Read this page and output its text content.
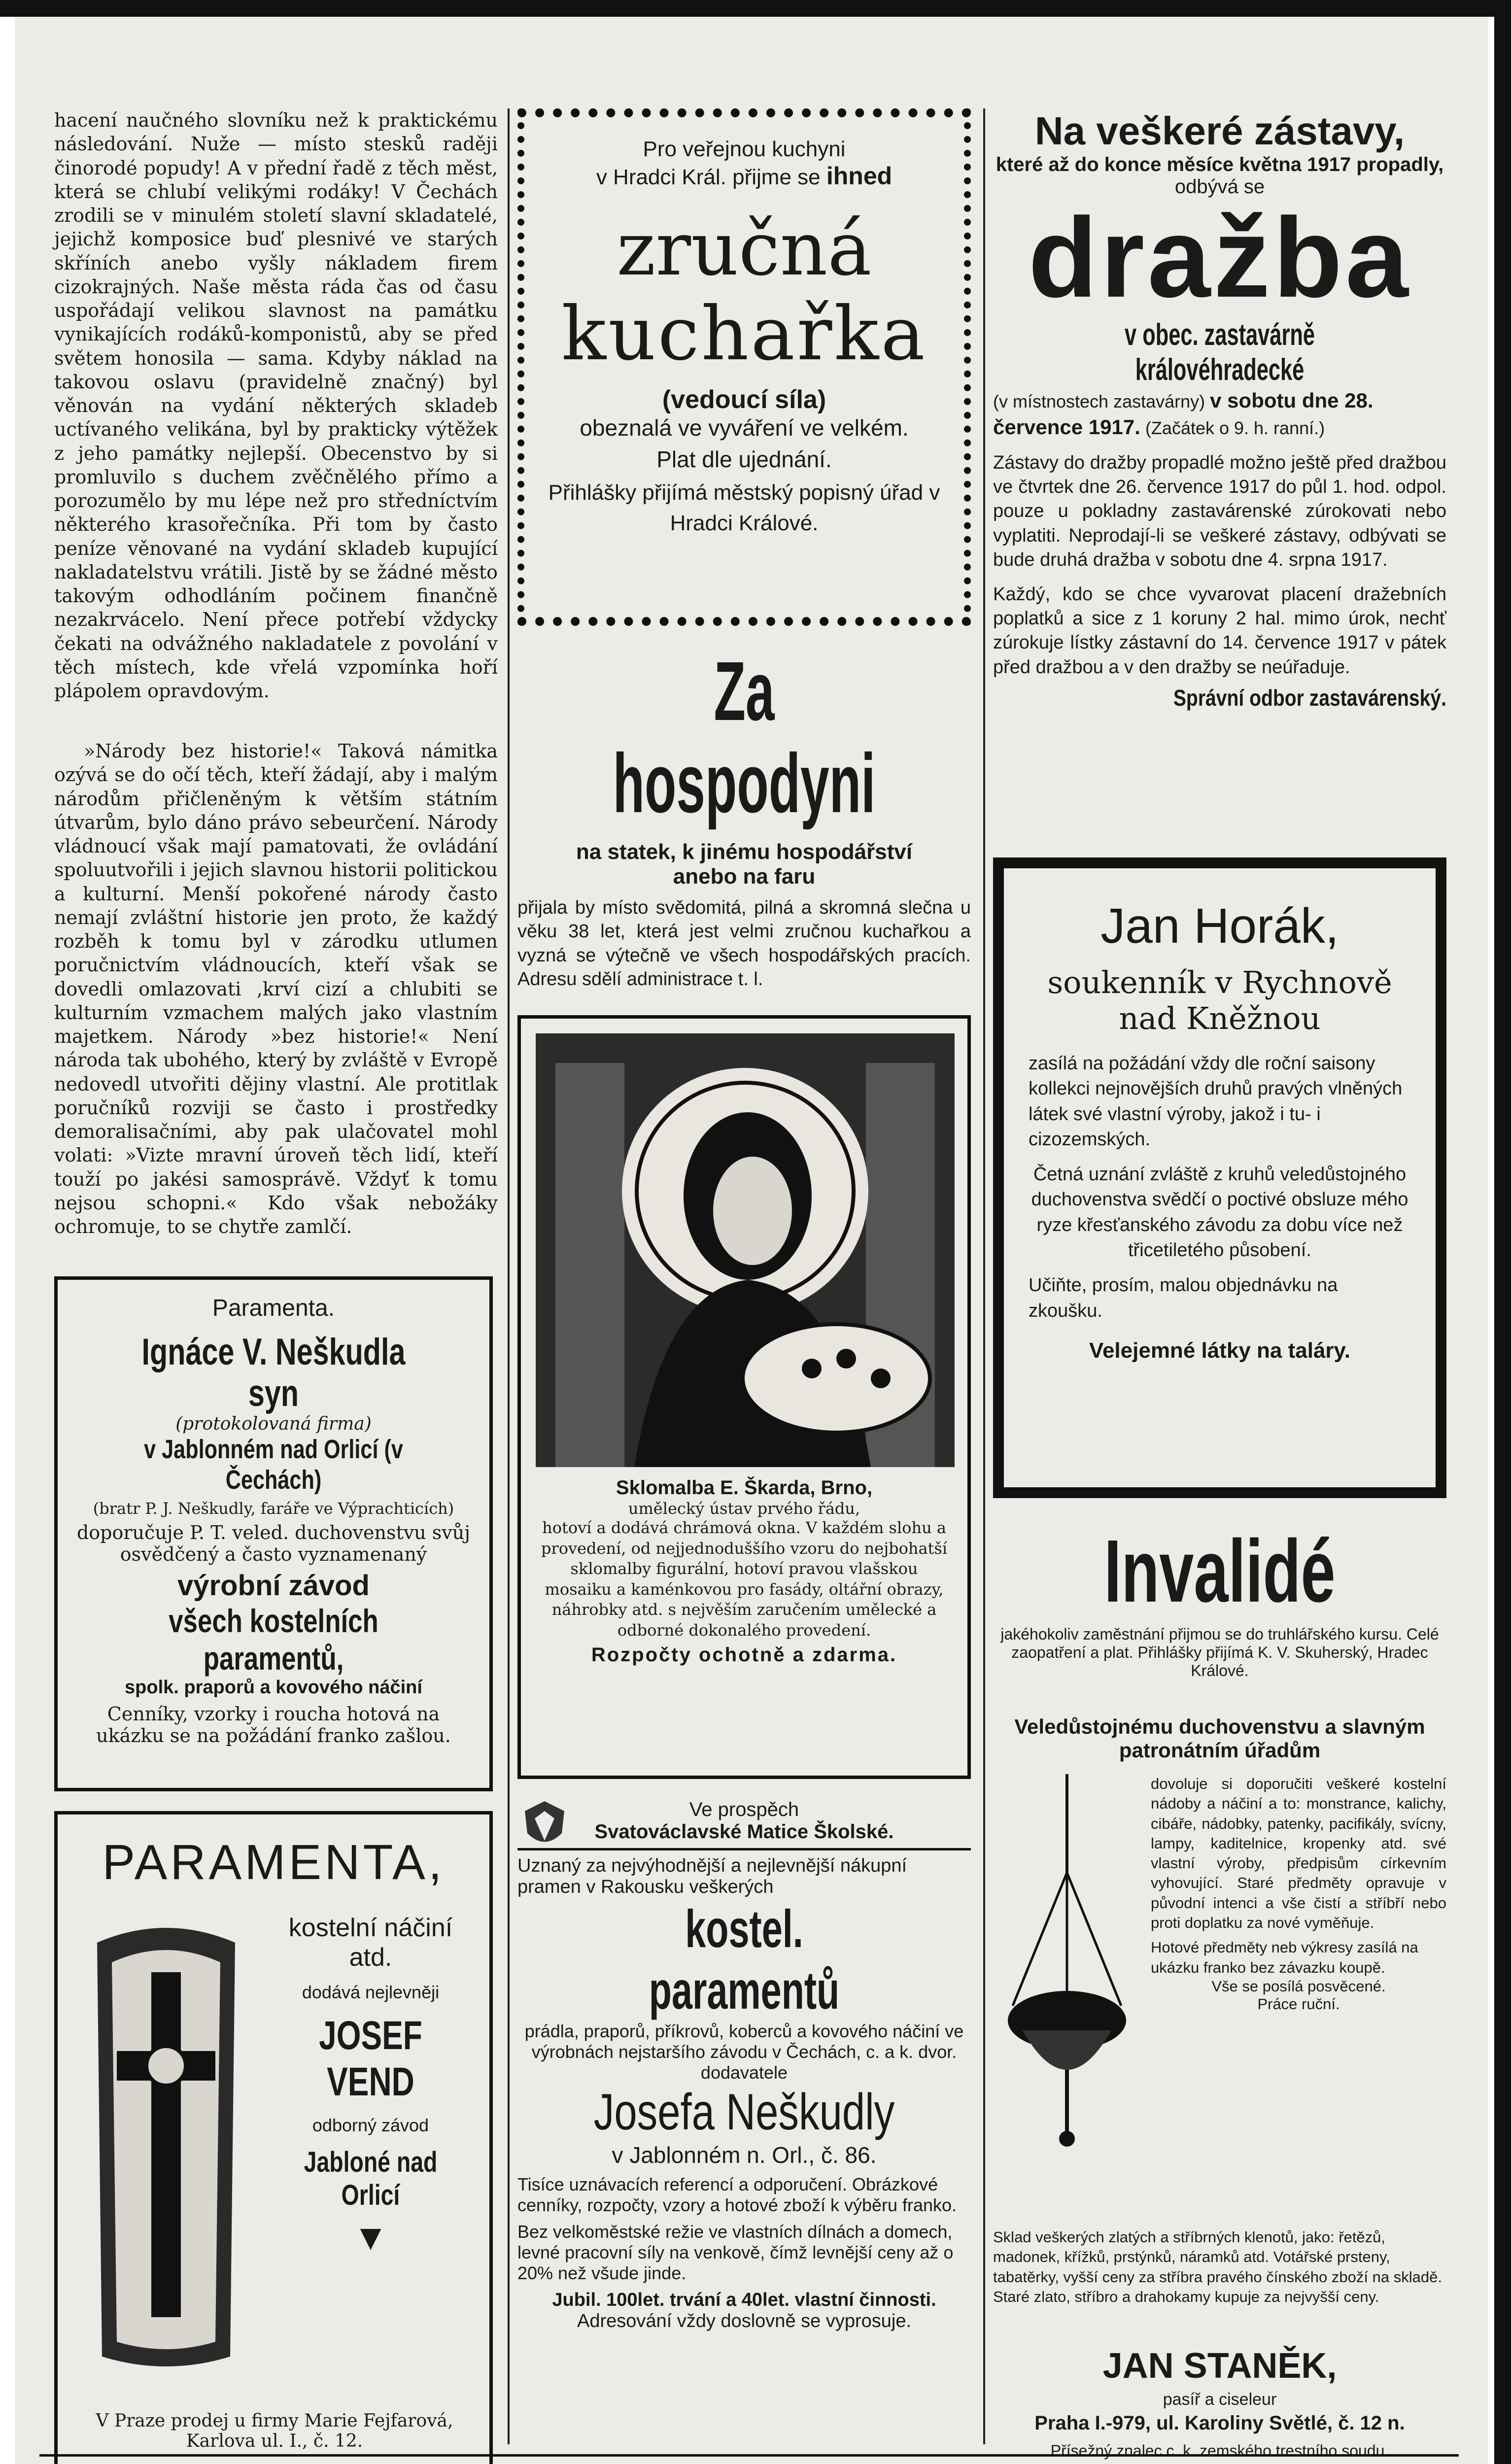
hacení naučného slovníku než k praktickému následování. Nuže — místo stesků raději činorodé popudy! A v přední řadě z těch měst, která se chlubí velikými rodáky! V Čechách zrodili se v minulém století slavní skladatelé, jejichž komposice buď plesnivé ve starých skříních anebo vyšly nákladem firem cizokrajných. Naše města ráda čas od času uspořádají velikou slavnost na památku vynikajících rodáků-komponistů, aby se před světem honosila — sama. Kdyby náklad na takovou oslavu (pravidelně značný) byl věnován na vydání některých skladeb uctívaného velikána, byl by prakticky výtěžek z jeho památky nejlepší. Obecenstvo by si promluvilo s duchem zvěčnělého přímo a porozumělo by mu lépe než pro středníctvím některého krasořečníka. Při tom by často peníze věnované na vydání skladeb kupující nakladatelstvu vrátili. Jistě by se žádné město takovým odhodláním počinem finančně nezakrvácelo. Není přece potřebí vždycky čekati na odvážného nakladatele z povolání v těch místech, kde vřelá vzpomínka hoří plápolem opravdovým.

»Národy bez historie!« Taková námitka ozývá se do očí těch, kteří žádají, aby i malým národům přičleněným k větším státním útvarům, bylo dáno právo sebeurčení. Národy vládnoucí však mají pamatovati, že ovládání spoluutvořili i jejich slavnou historii politickou a kulturní. Menší pokořené národy často nemají zvláštní historie jen proto, že každý rozběh k tomu byl v zárodku utlumen poručnictvím vládnoucích, kteří však se dovedli omlazovati ,krví cizí a chlubiti se kulturním vzmachem malých jako vlastním majetkem. Národy »bez historie!« Není národa tak ubohého, který by zvláště v Evropě nedovedl utvořiti dějiny vlastní. Ale protitlak poručníků rozviji se často i prostředky demoralisačními, aby pak ulačovatel mohl volati: »Vizte mravní úroveň těch lidí, kteří touží po jakési samosprávě. Vždyť k tomu nejsou schopni.« Kdo však nebožáky ochromuje, to se chytře zamlčí.

Paramenta.
Ignáce V. Neškudla syn
(protokolovaná firma)
v Jablonném nad Orlicí (v Čechách)
(bratr P. J. Neškudly, faráře ve Výprachticích)
doporučuje P. T. veled. duchovenstvu svůj osvědčený a často vyznamenaný
výrobní závod
všech kostelních paramentů,
spolk. praporů a kovového náčiní
Cenníky, vzorky i roucha hotová na ukázku se na požádání franko zašlou.
PARAMENTA,
kostelní náčiní
atd.
dodává nejlevněji
JOSEF VEND
odborný závod
Jabloné nad Orlicí
▼
V Praze prodej u firmy Marie Fejfarová, Karlova ul. I., č. 12.
Pro veřejnou kuchyni
v Hradci Král. přijme se ihned
zručná
kuchařka
(vedoucí síla)
obeznalá ve vyváření ve velkém.
Plat dle ujednání.
Přihlášky přijímá městský popisný úřad v Hradci Králové.
Za hospodyni
na statek, k jinému hospodářství
anebo na faru
přijala by místo svědomitá, pilná a skromná slečna u věku 38 let, která jest velmi zručnou kuchařkou a vyzná se výtečně ve všech hospodářských pracích. Adresu sdělí administrace t. l.
Sklomalba E. Škarda, Brno,
umělecký ústav prvého řádu,
hotoví a dodává chrámová okna. V každém slohu a provedení, od nejjednoduššího vzoru do nejbohatší sklomalby figurální, hotoví pravou vlašskou mosaiku a kaménkovou pro fasády, oltářní obrazy, náhrobky atd. s nejvěším zaručením umělecké a odborné dokonalého provedení.
Rozpočty ochotně a zdarma.
Ve prospěch
Svatováclavské Matice Školské.
Uznaný za nejvýhodnější a nejlevnější nákupní pramen v Rakousku veškerých
kostel. paramentů
prádla, praporů, příkrovů, koberců a kovového náčiní ve výrobnách nejstaršího závodu v Čechách, c. a k. dvor. dodavatele
Josefa Neškudly
v Jablonném n. Orl., č. 86.
Tisíce uznávacích referencí a odporučení. Obrázkové cenníky, rozpočty, vzory a hotové zboží k výběru franko.
Bez velkoměstské režie ve vlastních dílnách a domech, levné pracovní síly na venkově, čímž levnější ceny až o 20% než všude jinde.
Jubil. 100let. trvání a 40let. vlastní činnosti.
Adresování vždy doslovně se vyprosuje.
Na veškeré zástavy,
které až do konce měsíce května 1917 propadly, odbývá se
dražba
v obec. zastavárně královéhradecké
(v místnostech zastavárny) v sobotu dne 28. července 1917. (Začátek o 9. h. ranní.)
Zástavy do dražby propadlé možno ještě před dražbou ve čtvrtek dne 26. července 1917 do půl 1. hod. odpol. pouze u pokladny zastavárenské zúrokovati nebo vyplatiti. Neprodají-li se veškeré zástavy, odbývati se bude druhá dražba v sobotu dne 4. srpna 1917.
Každý, kdo se chce vyvarovat placení dražebních poplatků a sice z 1 koruny 2 hal. mimo úrok, nechť zúrokuje lístky zástavní do 14. července 1917 v pátek před dražbou a v den dražby se neúřaduje.
Správní odbor zastavárenský.
Jan Horák,
soukenník v Rychnově
nad Kněžnou
zasílá na požádání vždy dle roční saisony kollekci nejnovějších druhů pravých vlněných látek své vlastní výroby, jakož i tu- i cizozemských.
Četná uznání zvláště z kruhů veledůstojného duchovenstva svědčí o poctivé obsluze mého ryze křesťanského závodu za dobu více než třicetiletého působení.
Učiňte, prosím, malou objednávku na zkoušku.
Velejemné látky na taláry.
Invalidé
jakéhokoliv zaměstnání přijmou se do truhlářského kursu. Celé zaopatření a plat. Přihlášky přijímá K. V. Skuherský, Hradec Králové.
Veledůstojnému duchovenstvu a slavným patronátním úřadům
dovoluje si doporučiti veškeré kostelní nádoby a náčiní a to: monstrance, kalichy, cibáře, nádobky, patenky, pacifikály, svícny, lampy, kaditelnice, kropenky atd. své vlastní výroby, předpisům církevním vyhovující. Staré předměty opravuje v původní intenci a vše čistí a stříbří nebo proti doplatku za nové vyměňuje.
Hotové předměty neb výkresy zasílá na ukázku franko bez závazku koupě.
Vše se posílá posvěcené.
Práce ruční.
Sklad veškerých zlatých a stříbrných klenotů, jako: řetězů, madonek, křížků, prstýnků, náramků atd. Votářské prsteny, tabatěrky, vyšší ceny za stříbra pravého čínského zboží na skladě. Staré zlato, stříbro a drahokamy kupuje za nejvyšší ceny.
JAN STANĚK,
pasíř a ciseleur
Praha I.-979, ul. Karoliny Světlé, č. 12 n.
Přísežný znalec c. k. zemského trestního soudu.
